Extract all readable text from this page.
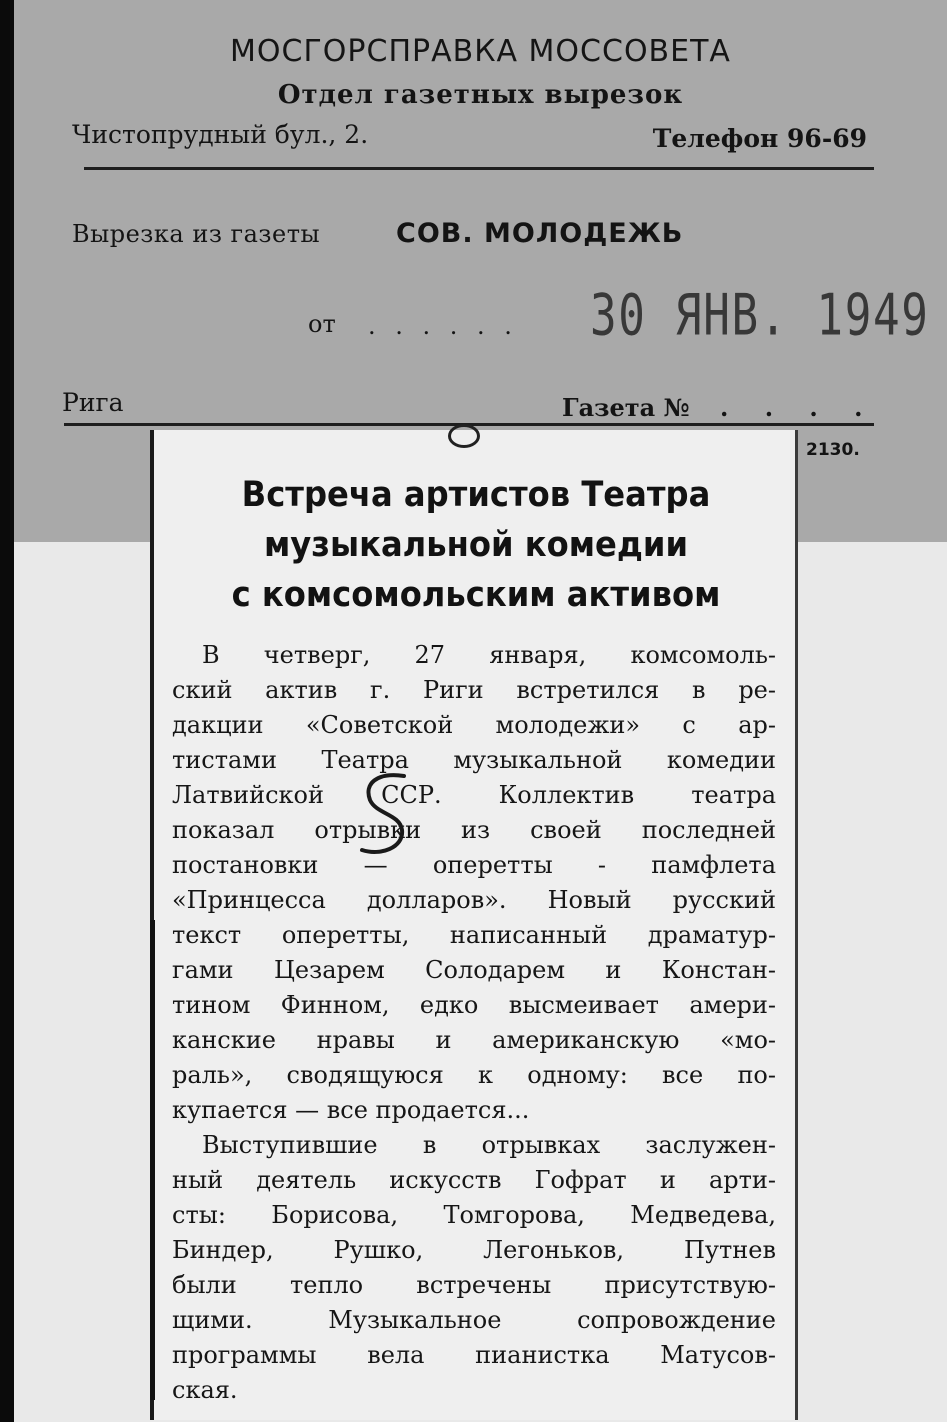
МОСГОРСПРАВКА МОССОВЕТА
Отдел газетных вырезок
Чистопрудный бул., 2.	Телефон 96-69
Вырезка из газеты	СОВ. МОЛОДЕЖЬ
от . . . . . . 30 ЯНВ. 1949
Рига	Газета № . . . .
2130.
Встреча артистов Театра
музыкальной комедии
с комсомольским активом
В четверг, 27 января, комсомоль-
ский актив г. Риги встретился в ре-
дакции «Советской молодежи» с ар-
тистами Театра музыкальной комедии
Латвийской ССР. Коллектив театра
показал отрывки из своей последней
постановки — оперетты - памфлета
«Принцесса долларов». Новый русский
текст оперетты, написанный драматур-
гами Цезарем Солодарем и Констан-
тином Финном, едко высмеивает амери-
канские нравы и американскую «мо-
раль», сводящуюся к одному: все по-
купается — все продается...
Выступившие в отрывках заслужен-
ный деятель искусств Гофрат и арти-
сты: Борисова, Томгорова, Медведева,
Биндер, Рушко, Легоньков, Путнев
были тепло встречены присутствую-
щими. Музыкальное сопровождение
программы вела пианистка Матусов-
ская.
